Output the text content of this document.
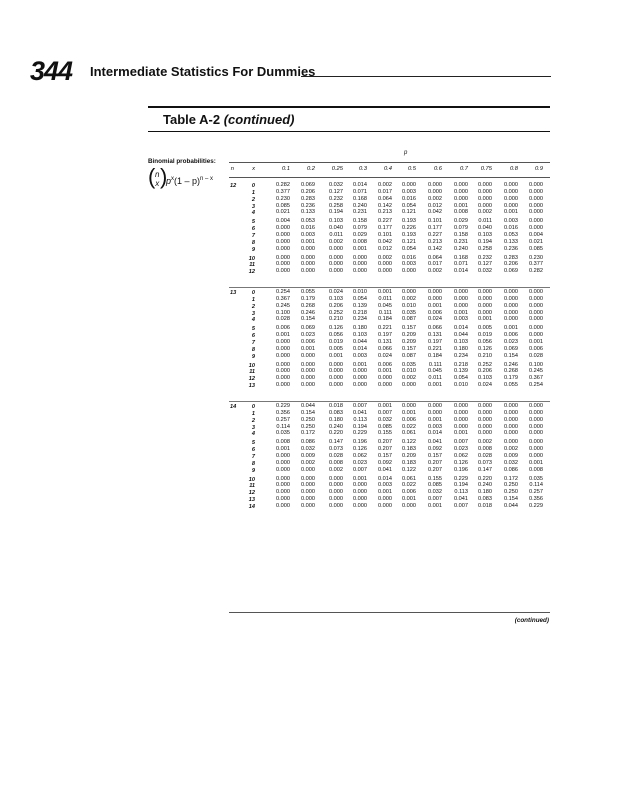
344 Intermediate Statistics For Dummies
Table A-2 (continued)
Binomial probabilities:
( n
x )
$p^x(1 - p)^{n - x}$
p
n	x	0.1	0.2	0.25	0.3	0.4	0.5	0.6	0.7	0.75	0.8	0.9
12	0	0.282	0.069	0.032	0.014	0.002	0.000	0.000	0.000	0.000	0.000	0.000
1	0.377	0.206	0.127	0.071	0.017	0.003	0.000	0.000	0.000	0.000	0.000
2	0.230	0.283	0.232	0.168	0.064	0.016	0.002	0.000	0.000	0.000	0.000
3	0.085	0.236	0.258	0.240	0.142	0.054	0.012	0.001	0.000	0.000	0.000
4	0.021	0.133	0.194	0.231	0.213	0.121	0.042	0.008	0.002	0.001	0.000
5	0.004	0.053	0.103	0.158	0.227	0.193	0.101	0.029	0.011	0.003	0.000
6	0.000	0.016	0.040	0.079	0.177	0.226	0.177	0.079	0.040	0.016	0.000
7	0.000	0.003	0.011	0.029	0.101	0.193	0.227	0.158	0.103	0.053	0.004
8	0.000	0.001	0.002	0.008	0.042	0.121	0.213	0.231	0.194	0.133	0.021
9	0.000	0.000	0.000	0.001	0.012	0.054	0.142	0.240	0.258	0.236	0.085
10	0.000	0.000	0.000	0.000	0.002	0.016	0.064	0.168	0.232	0.283	0.230
11	0.000	0.000	0.000	0.000	0.000	0.003	0.017	0.071	0.127	0.206	0.377
12	0.000	0.000	0.000	0.000	0.000	0.000	0.002	0.014	0.032	0.069	0.282
13	0	0.254	0.055	0.024	0.010	0.001	0.000	0.000	0.000	0.000	0.000	0.000
1	0.367	0.179	0.103	0.054	0.011	0.002	0.000	0.000	0.000	0.000	0.000
2	0.245	0.268	0.206	0.139	0.045	0.010	0.001	0.000	0.000	0.000	0.000
3	0.100	0.246	0.252	0.218	0.111	0.035	0.006	0.001	0.000	0.000	0.000
4	0.028	0.154	0.210	0.234	0.184	0.087	0.024	0.003	0.001	0.000	0.000
5	0.006	0.069	0.126	0.180	0.221	0.157	0.066	0.014	0.005	0.001	0.000
6	0.001	0.023	0.056	0.103	0.197	0.209	0.131	0.044	0.019	0.006	0.000
7	0.000	0.006	0.019	0.044	0.131	0.209	0.197	0.103	0.056	0.023	0.001
8	0.000	0.001	0.005	0.014	0.066	0.157	0.221	0.180	0.126	0.069	0.006
9	0.000	0.000	0.001	0.003	0.024	0.087	0.184	0.234	0.210	0.154	0.028
10	0.000	0.000	0.000	0.001	0.006	0.035	0.111	0.218	0.252	0.246	0.100
11	0.000	0.000	0.000	0.000	0.001	0.010	0.045	0.139	0.206	0.268	0.245
12	0.000	0.000	0.000	0.000	0.000	0.002	0.011	0.054	0.103	0.179	0.367
13	0.000	0.000	0.000	0.000	0.000	0.000	0.001	0.010	0.024	0.055	0.254
14	0	0.229	0.044	0.018	0.007	0.001	0.000	0.000	0.000	0.000	0.000	0.000
1	0.356	0.154	0.083	0.041	0.007	0.001	0.000	0.000	0.000	0.000	0.000
2	0.257	0.250	0.180	0.113	0.032	0.006	0.001	0.000	0.000	0.000	0.000
3	0.114	0.250	0.240	0.194	0.085	0.022	0.003	0.000	0.000	0.000	0.000
4	0.035	0.172	0.220	0.229	0.155	0.061	0.014	0.001	0.000	0.000	0.000
5	0.008	0.086	0.147	0.196	0.207	0.122	0.041	0.007	0.002	0.000	0.000
6	0.001	0.032	0.073	0.126	0.207	0.183	0.092	0.023	0.008	0.002	0.000
7	0.000	0.009	0.028	0.062	0.157	0.209	0.157	0.062	0.028	0.009	0.000
8	0.000	0.002	0.008	0.023	0.092	0.183	0.207	0.126	0.073	0.032	0.001
9	0.000	0.000	0.002	0.007	0.041	0.122	0.207	0.196	0.147	0.086	0.008
10	0.000	0.000	0.000	0.001	0.014	0.061	0.155	0.229	0.220	0.172	0.035
11	0.000	0.000	0.000	0.000	0.003	0.022	0.085	0.194	0.240	0.250	0.114
12	0.000	0.000	0.000	0.000	0.001	0.006	0.032	0.113	0.180	0.250	0.257
13	0.000	0.000	0.000	0.000	0.000	0.001	0.007	0.041	0.083	0.154	0.356
14	0.000	0.000	0.000	0.000	0.000	0.000	0.001	0.007	0.018	0.044	0.229
(continued)
